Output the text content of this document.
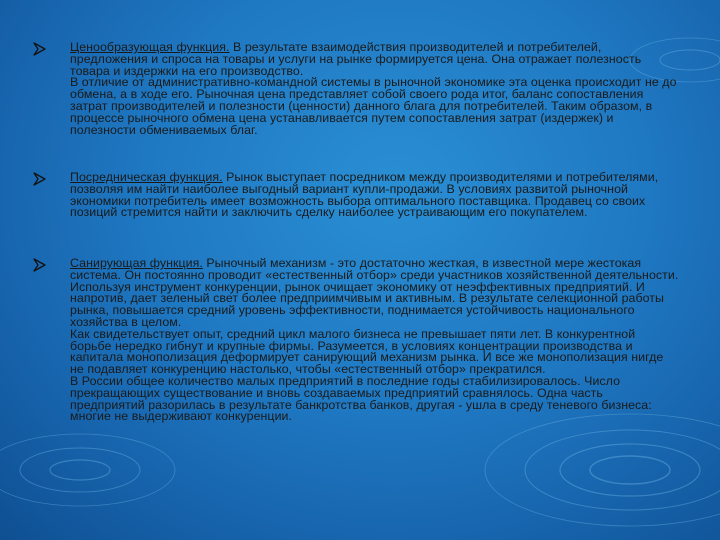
Ценообразующая функция. В результате взаимодействия производителей и потребителей, предложения и спроса на товары и услуги на рынке формируется цена. Она отражает полезность товара и издержки на его производство.

В отличие от административно-командной системы в рыночной экономике эта оценка происходит не до обмена, а в ходе его. Рыночная цена представляет собой своего рода итог, баланс сопоставления затрат производителей и полезности (ценности) данного блага для потребителей. Таким образом, в процессе рыночного обмена цена устанавливается путем сопоставления затрат (издержек) и полезности обмениваемых благ.

Посредническая функция. Рынок выступает посредником между производителями и потребителями, позволяя им найти наиболее выгодный вариант купли-продажи. В условиях развитой рыночной экономики потребитель имеет возможность выбора оптимального поставщика. Продавец со своих позиций стремится найти и заключить сделку наиболее устраивающим его покупателем.

Санирующая функция. Рыночный механизм - это достаточно жесткая, в известной мере жестокая система. Он постоянно проводит «естественный отбор» среди участников хозяйственной деятельности. Используя инструмент конкуренции, рынок очищает экономику от неэффективных предприятий. И напротив, дает зеленый свет более предприимчивым и активным. В результате селекционной работы рынка, повышается средний уровень эффективности, поднимается устойчивость национального хозяйства в целом.

Как свидетельствует опыт, средний цикл малого бизнеса не превышает пяти лет. В конкурентной борьбе нередко гибнут и крупные фирмы. Разумеется, в условиях концентрации производства и капитала монополизация деформирует санирующий механизм рынка. И все же монополизация нигде не подавляет конкуренцию настолько, чтобы «естественный отбор» прекратился.

В России общее количество малых предприятий в последние годы стабилизировалось. Число прекращающих существование и вновь создаваемых предприятий сравнялось. Одна часть предприятий разорилась в результате банкротства банков, другая - ушла в среду теневого бизнеса: многие не выдерживают конкуренции.
